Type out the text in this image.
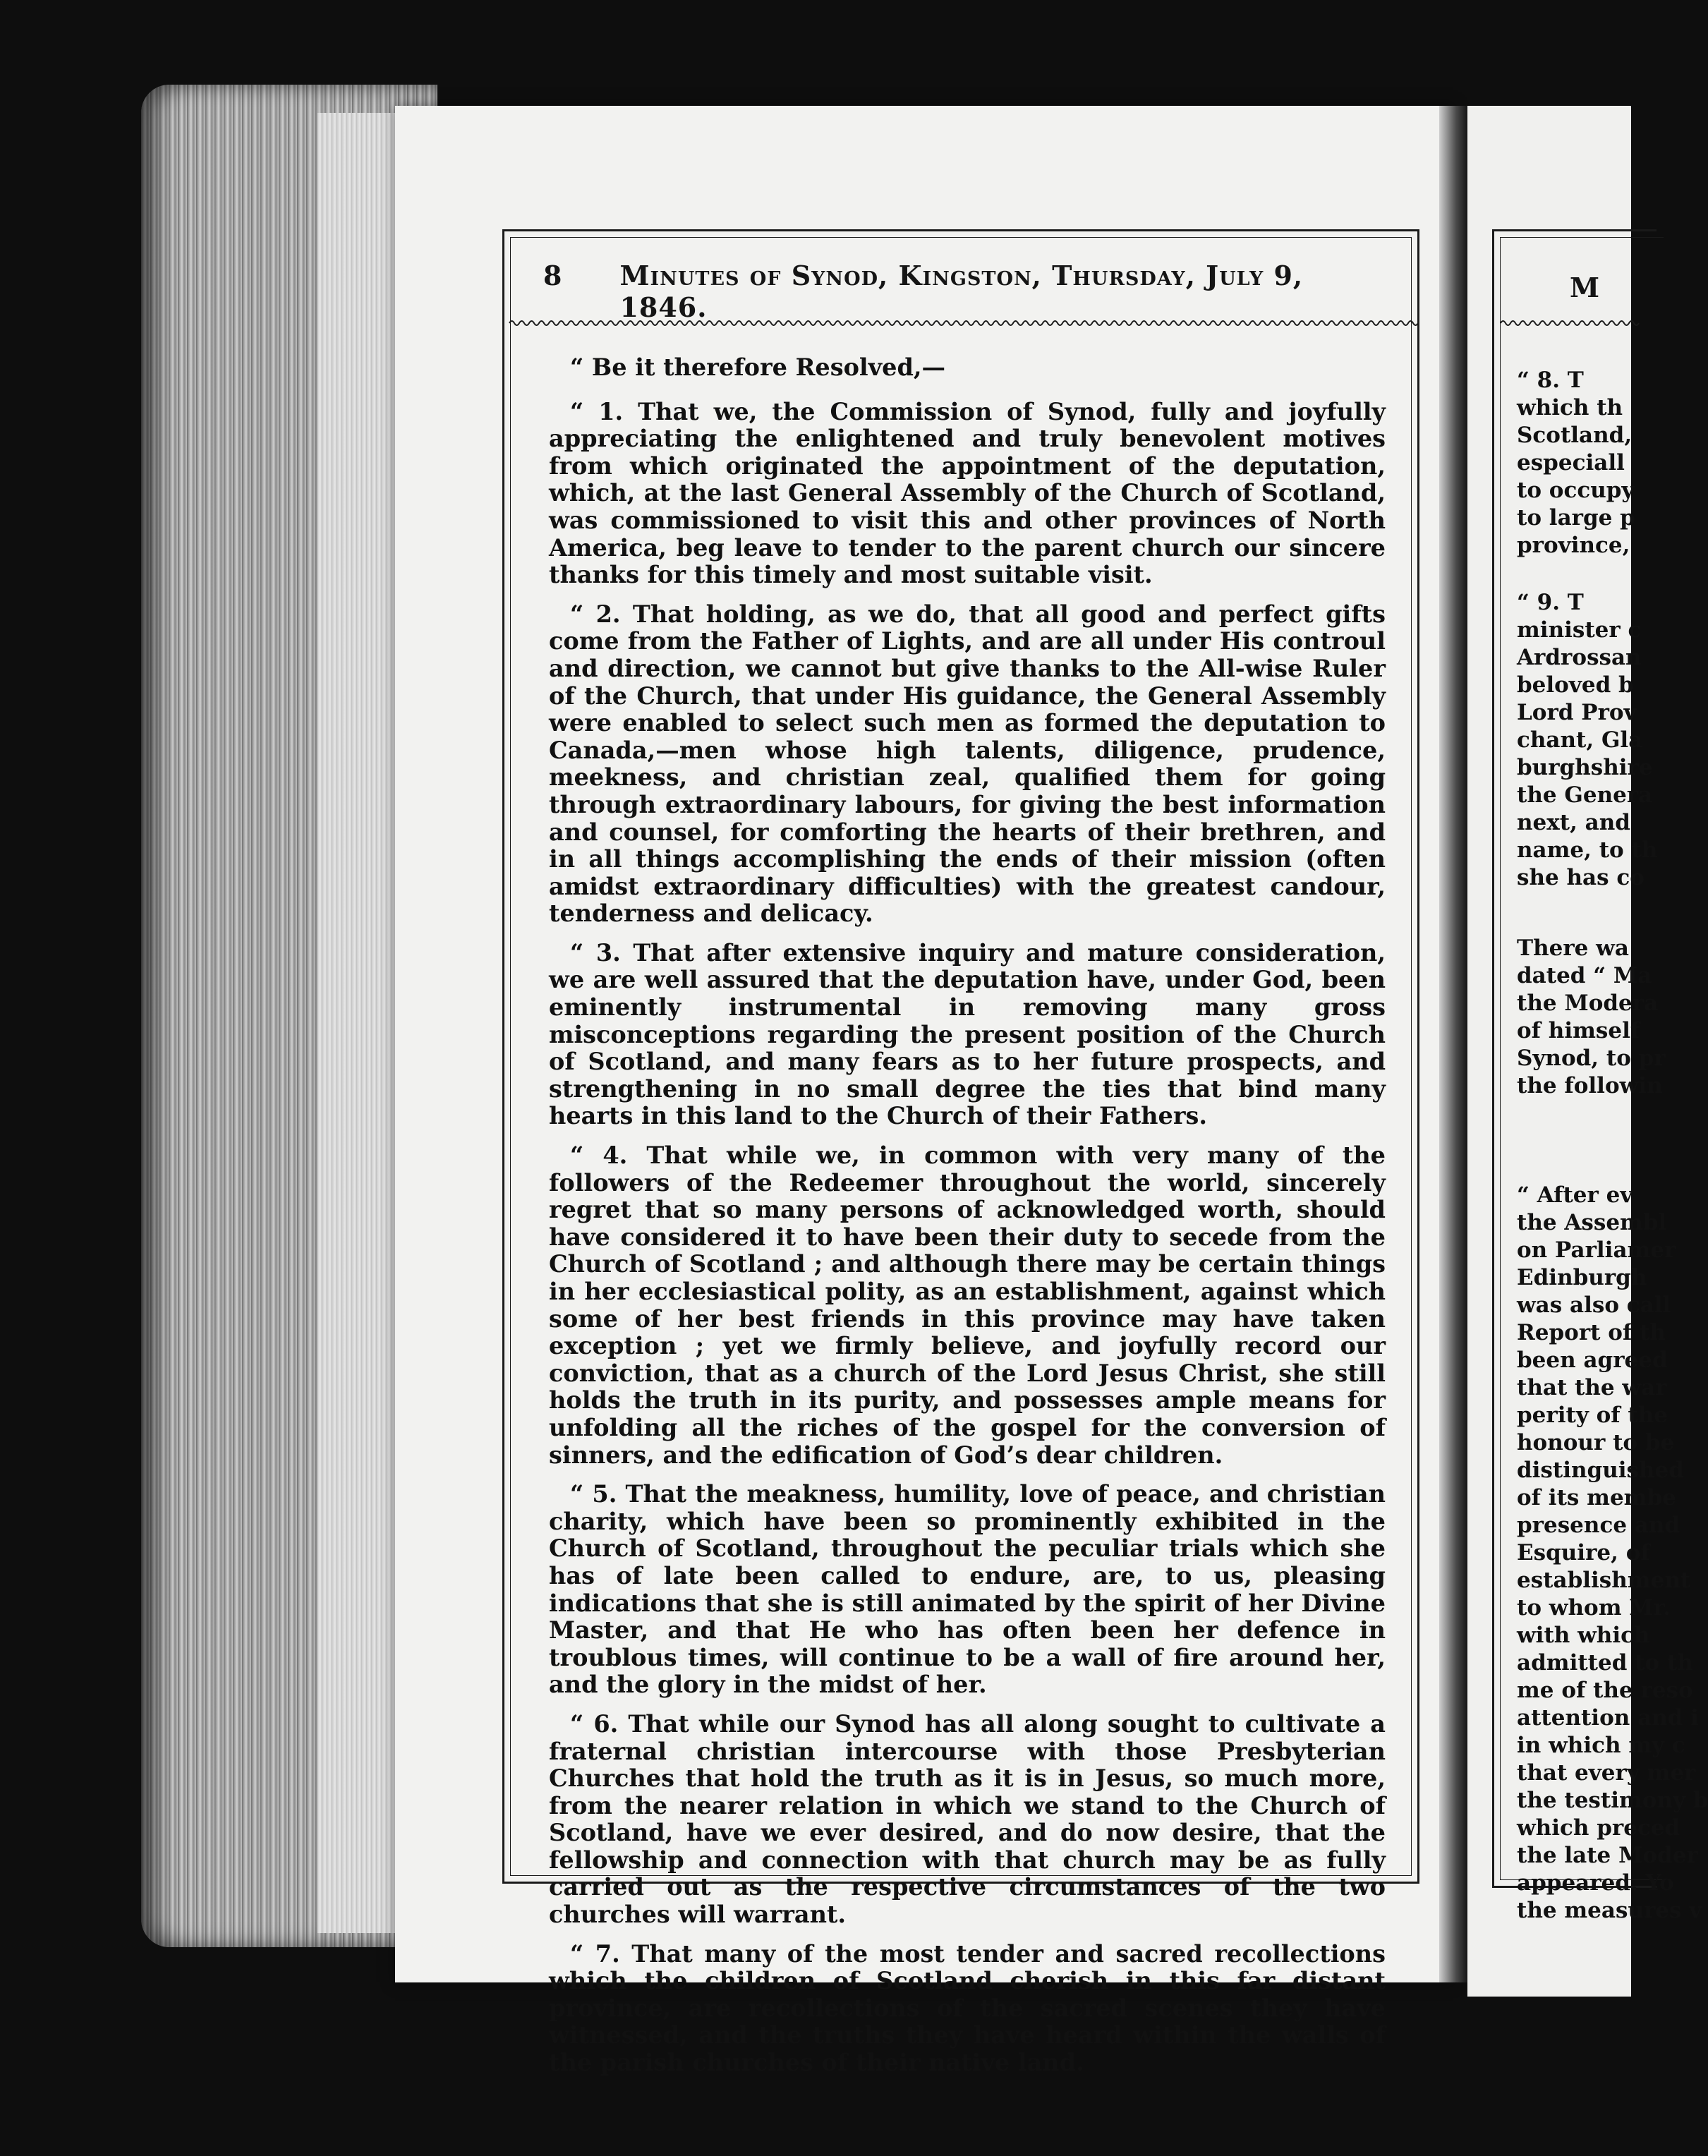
8	Minutes of Synod, Kingston, Thursday, July 9, 1846.

“ Be it therefore Resolved,—

“ 1. That we, the Commission of Synod, fully and joyfully appreciating the enlightened and truly benevolent motives from which originated the appointment of the deputation, which, at the last General Assembly of the Church of Scotland, was commissioned to visit this and other provinces of North America, beg leave to tender to the parent church our sincere thanks for this timely and most suitable visit.

“ 2. That holding, as we do, that all good and perfect gifts come from the Father of Lights, and are all under His controul and direction, we cannot but give thanks to the All-wise Ruler of the Church, that under His guidance, the General Assembly were enabled to select such men as formed the deputation to Canada,—men whose high talents, diligence, prudence, meekness, and christian zeal, qualified them for going through extraordinary labours, for giving the best information and counsel, for comforting the hearts of their brethren, and in all things accomplishing the ends of their mission (often amidst extraordinary difficulties) with the greatest candour, tenderness and delicacy.

“ 3. That after extensive inquiry and mature consideration, we are well assured that the deputation have, under God, been eminently instrumental in removing many gross misconceptions regarding the present position of the Church of Scotland, and many fears as to her future prospects, and strengthening in no small degree the ties that bind many hearts in this land to the Church of their Fathers.

“ 4. That while we, in common with very many of the followers of the Redeemer throughout the world, sincerely regret that so many persons of acknowledged worth, should have considered it to have been their duty to secede from the Church of Scotland ; and although there may be certain things in her ecclesiastical polity, as an establishment, against which some of her best friends in this province may have taken exception ; yet we firmly believe, and joyfully record our conviction, that as a church of the Lord Jesus Christ, she still holds the truth in its purity, and possesses ample means for unfolding all the riches of the gospel for the conversion of sinners, and the edification of God’s dear children.

“ 5. That the meakness, humility, love of peace, and christian charity, which have been so prominently exhibited in the Church of Scotland, throughout the peculiar trials which she has of late been called to endure, are, to us, pleasing indications that she is still animated by the spirit of her Divine Master, and that He who has often been her defence in troublous times, will continue to be a wall of fire around her, and the glory in the midst of her.

“ 6. That while our Synod has all along sought to cultivate a fraternal christian intercourse with those Presbyterian Churches that hold the truth as it is in Jesus, so much more, from the nearer relation in which we stand to the Church of Scotland, have we ever desired, and do now desire, that the fellowship and connection with that church may be as fully carried out as the respective circumstances of the two churches will warrant.

“ 7. That many of the most tender and sacred recollections which the children of Scotland cherish in this far distant province, are recollections of the sacred scenes they have witnessed, and the truths they have heard within the walls of the parish churches of their native land.

M
“ 8. T
which th
Scotland,
especiall
to occupy
to large p
province,
“ 9. T
minister c
Ardrossan
beloved b
Lord Prov
chant, Gla
burghshire
the Genera
next, and
name, to th
she has co
There wa
dated “ Ma
the Modera
of himself
Synod, to pr
the followin
“ After ev
the Assembl
on Parliamer
Edinburgh
was also call
Report of th
been agreed
that the war
perity of the
honour to be
distinguished
of its membe
presence and
Esquire, of
establishment
to whom Mr.
with which
admitted to th
me of the reso
attention and i
in which my c
that every mer
the testimony b
which preced
the late Moder
appeared. Yo
the measures v
